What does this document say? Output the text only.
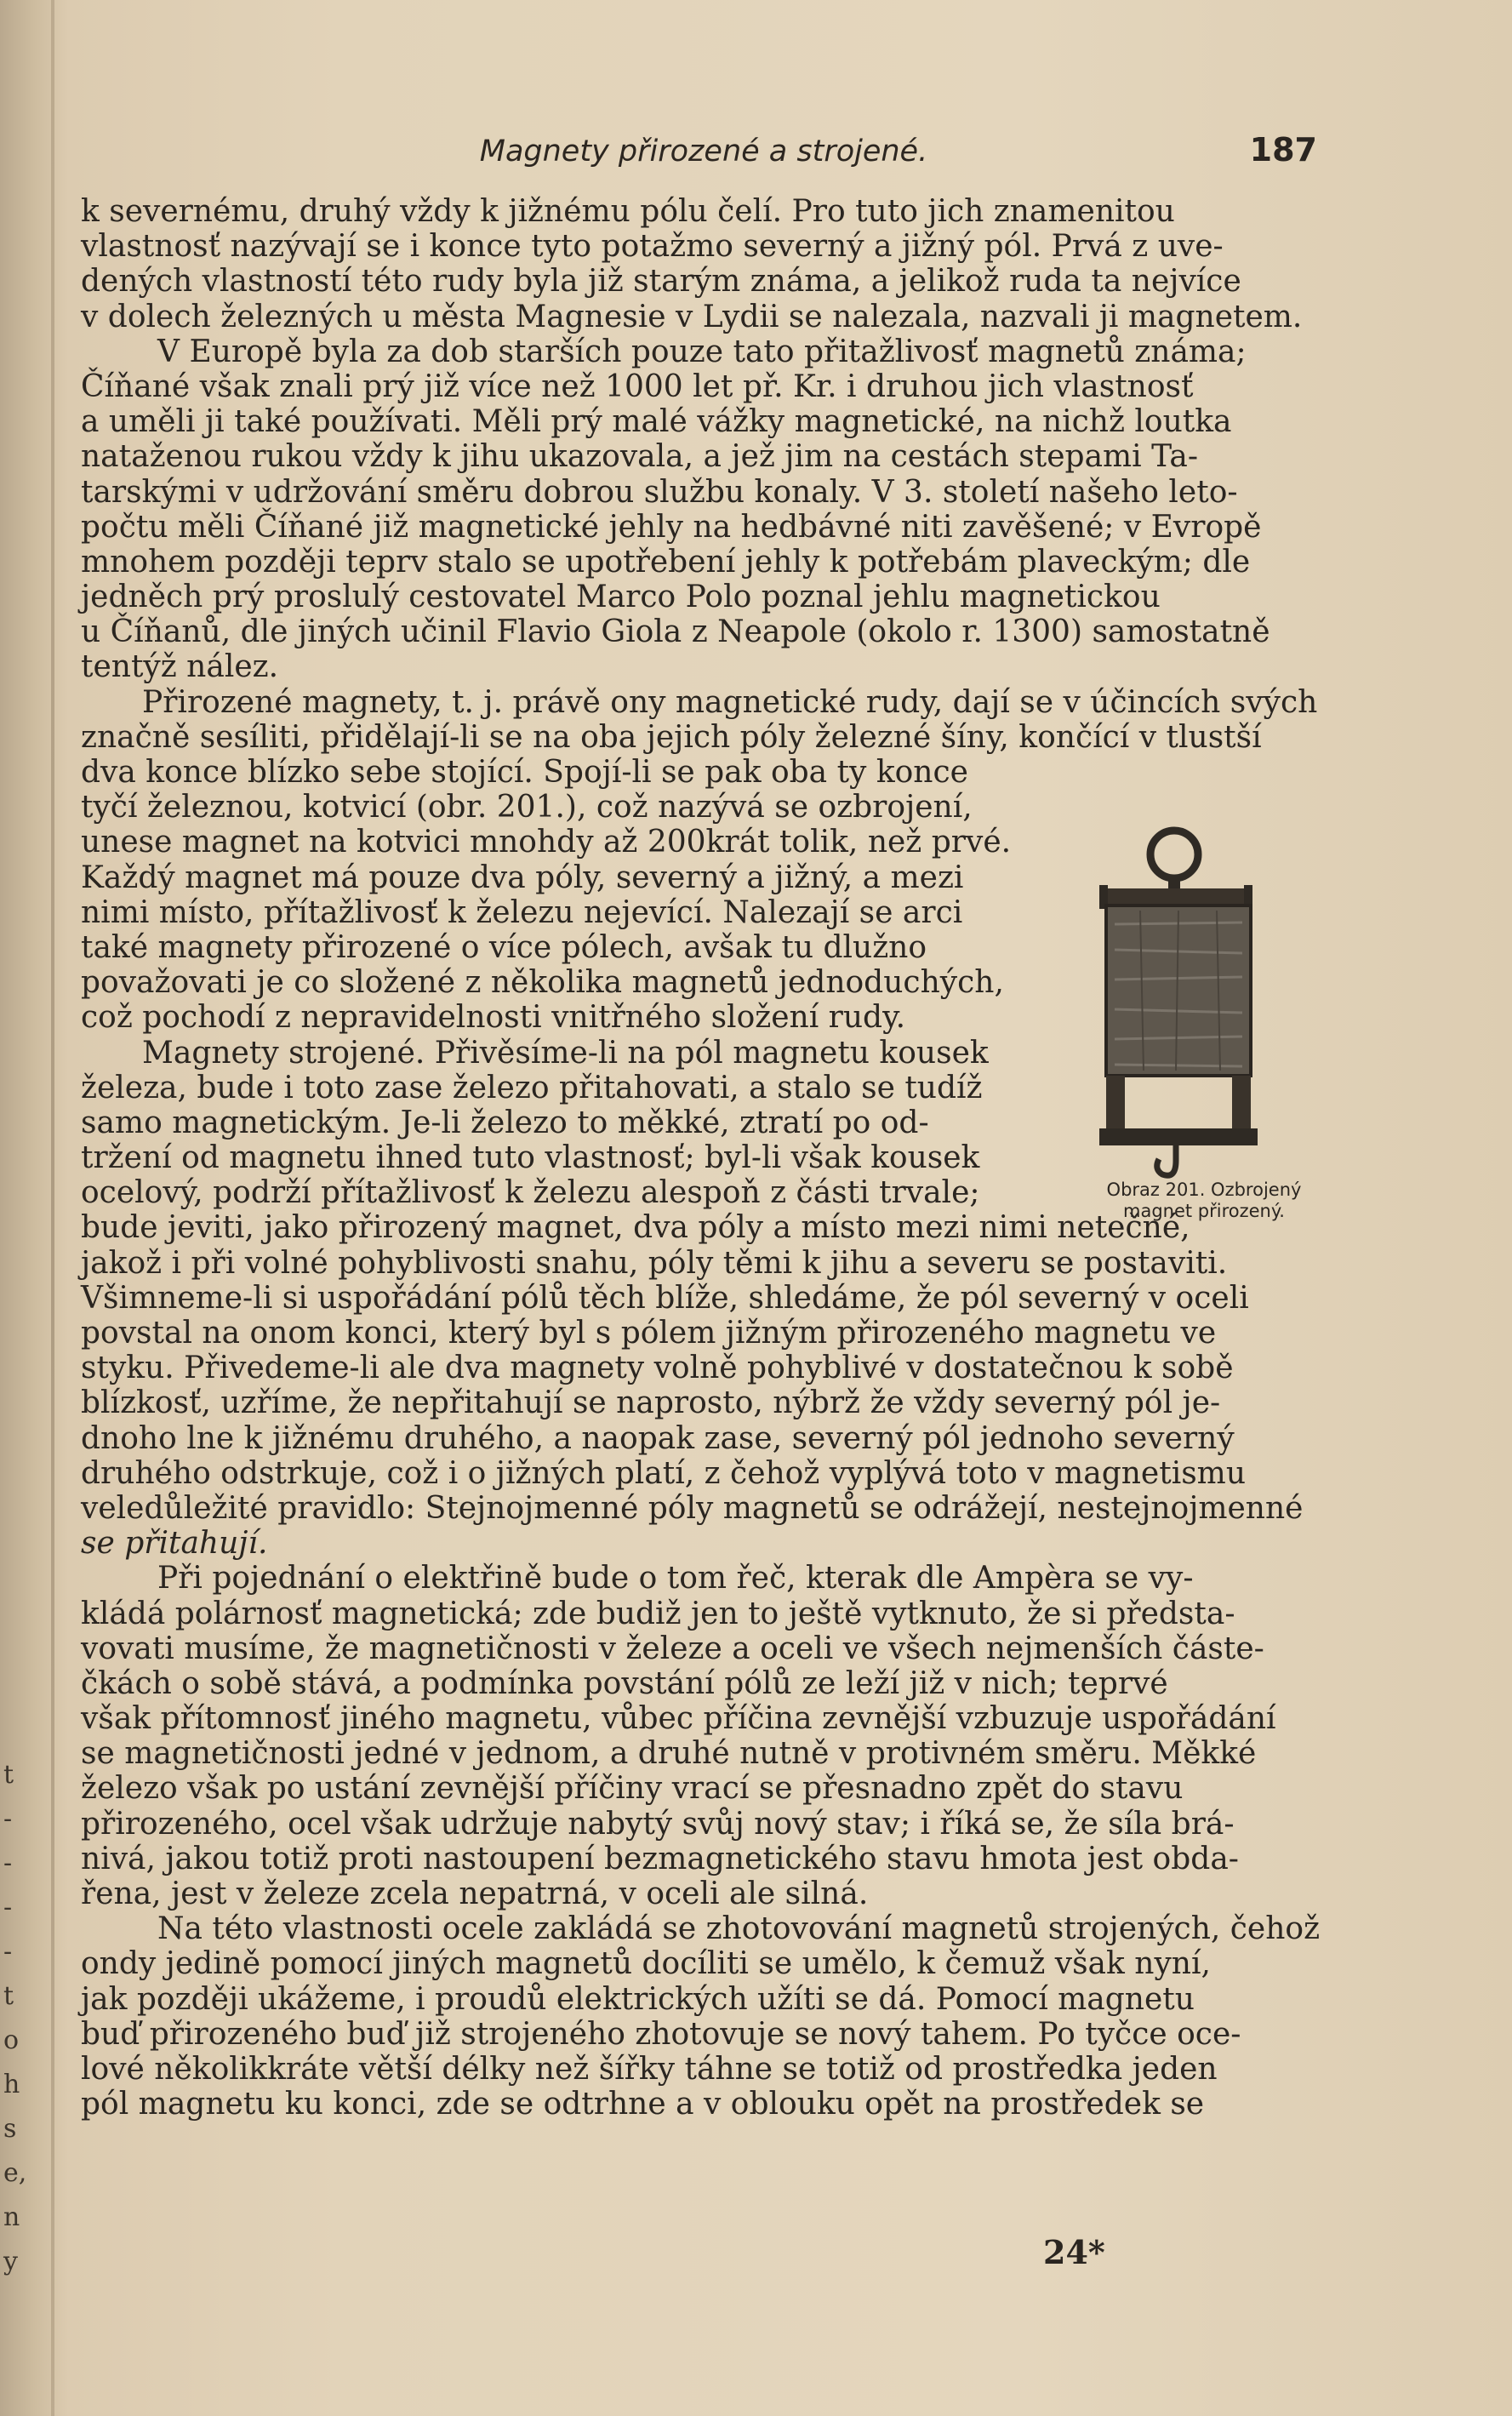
t
-
-
-
-
t
o
h
s
e,
n
y
Magnety přirozené a strojené.	187
k severnému, druhý vždy k jižnému pólu čelí. Pro tuto jich znamenitou
vlastnosť nazývají se i konce tyto potažmo severný a jižný pól. Prvá z uve-
dených vlastností této rudy byla již starým známa, a jelikož ruda ta nejvíce
v dolech železných u města Magnesie v Lydii se nalezala, nazvali ji magnetem.
V Europě byla za dob starších pouze tato přitažlivosť magnetů známa;
Číňané však znali prý již více než 1000 let př. Kr. i druhou jich vlastnosť
a uměli ji také používati. Měli prý malé vážky magnetické, na nichž loutka
nataženou rukou vždy k jihu ukazovala, a jež jim na cestách stepami Ta-
tarskými v udržování směru dobrou službu konaly. V 3. století našeho leto-
počtu měli Číňané již magnetické jehly na hedbávné niti zavěšené; v Evropě
mnohem později teprv stalo se upotřebení jehly k potřebám plaveckým; dle
jedněch prý proslulý cestovatel Marco Polo poznal jehlu magnetickou
u Číňanů, dle jiných učinil Flavio Giola z Neapole (okolo r. 1300) samostatně
tentýž nález.
Přirozené magnety, t. j. právě ony magnetické rudy, dají se v účincích svých
značně sesíliti, přidělají-li se na oba jejich póly železné šíny, končící v tlustší
dva konce blízko sebe stojící. Spojí-li se pak oba ty konce
tyčí železnou, kotvicí (obr. 201.), což nazývá se ozbrojení,
unese magnet na kotvici mnohdy až 200krát tolik, než prvé.
Každý magnet má pouze dva póly, severný a jižný, a mezi
nimi místo, přítažlivosť k železu nejevící. Nalezají se arci
také magnety přirozené o více pólech, avšak tu dlužno
považovati je co složené z několika magnetů jednoduchých,
což pochodí z nepravidelnosti vnitřného složení rudy.
Magnety strojené. Přivěsíme-li na pól magnetu kousek
železa, bude i toto zase železo přitahovati, a stalo se tudíž
samo magnetickým. Je-li železo to měkké, ztratí po od-
tržení od magnetu ihned tuto vlastnosť; byl-li však kousek
ocelový, podrží přítažlivosť k železu alespoň z části trvale;
bude jeviti, jako přirozený magnet, dva póly a místo mezi nimi netečné,
jakož i při volné pohyblivosti snahu, póly těmi k jihu a severu se postaviti.
Všimneme-li si uspořádání pólů těch blíže, shledáme, že pól severný v oceli
povstal na onom konci, který byl s pólem jižným přirozeného magnetu ve
styku. Přivedeme-li ale dva magnety volně pohyblivé v dostatečnou k sobě
blízkosť, uzříme, že nepřitahují se naprosto, nýbrž že vždy severný pól je-
dnoho lne k jižnému druhého, a naopak zase, severný pól jednoho severný
druhého odstrkuje, což i o jižných platí, z čehož vyplývá toto v magnetismu
veledůležité pravidlo: Stejnojmenné póly magnetů se odrážejí, nestejnojmenné
se přitahují.
Při pojednání o elektřině bude o tom řeč, kterak dle Ampèra se vy-
kládá polárnosť magnetická; zde budiž jen to ještě vytknuto, že si předsta-
vovati musíme, že magnetičnosti v železe a oceli ve všech nejmenších částe-
čkách o sobě stává, a podmínka povstání pólů ze leží již v nich; teprvé
však přítomnosť jiného magnetu, vůbec příčina zevnější vzbuzuje uspořádání
se magnetičnosti jedné v jednom, a druhé nutně v protivném směru. Měkké
železo však po ustání zevnější příčiny vrací se přesnadno zpět do stavu
přirozeného, ocel však udržuje nabytý svůj nový stav; i říká se, že síla brá-
nivá, jakou totiž proti nastoupení bezmagnetického stavu hmota jest obda-
řena, jest v železe zcela nepatrná, v oceli ale silná.
Na této vlastnosti ocele zakládá se zhotovování magnetů strojených, čehož
ondy jedině pomocí jiných magnetů docíliti se umělo, k čemuž však nyní,
jak později ukážeme, i proudů elektrických užíti se dá. Pomocí magnetu
buď přirozeného buď již strojeného zhotovuje se nový tahem. Po tyčce oce-
lové několikkráte větší délky než šířky táhne se totiž od prostředka jeden
pól magnetu ku konci, zde se odtrhne a v oblouku opět na prostředek se
Obraz 201. Ozbrojený
magnet přirozený.
24*
